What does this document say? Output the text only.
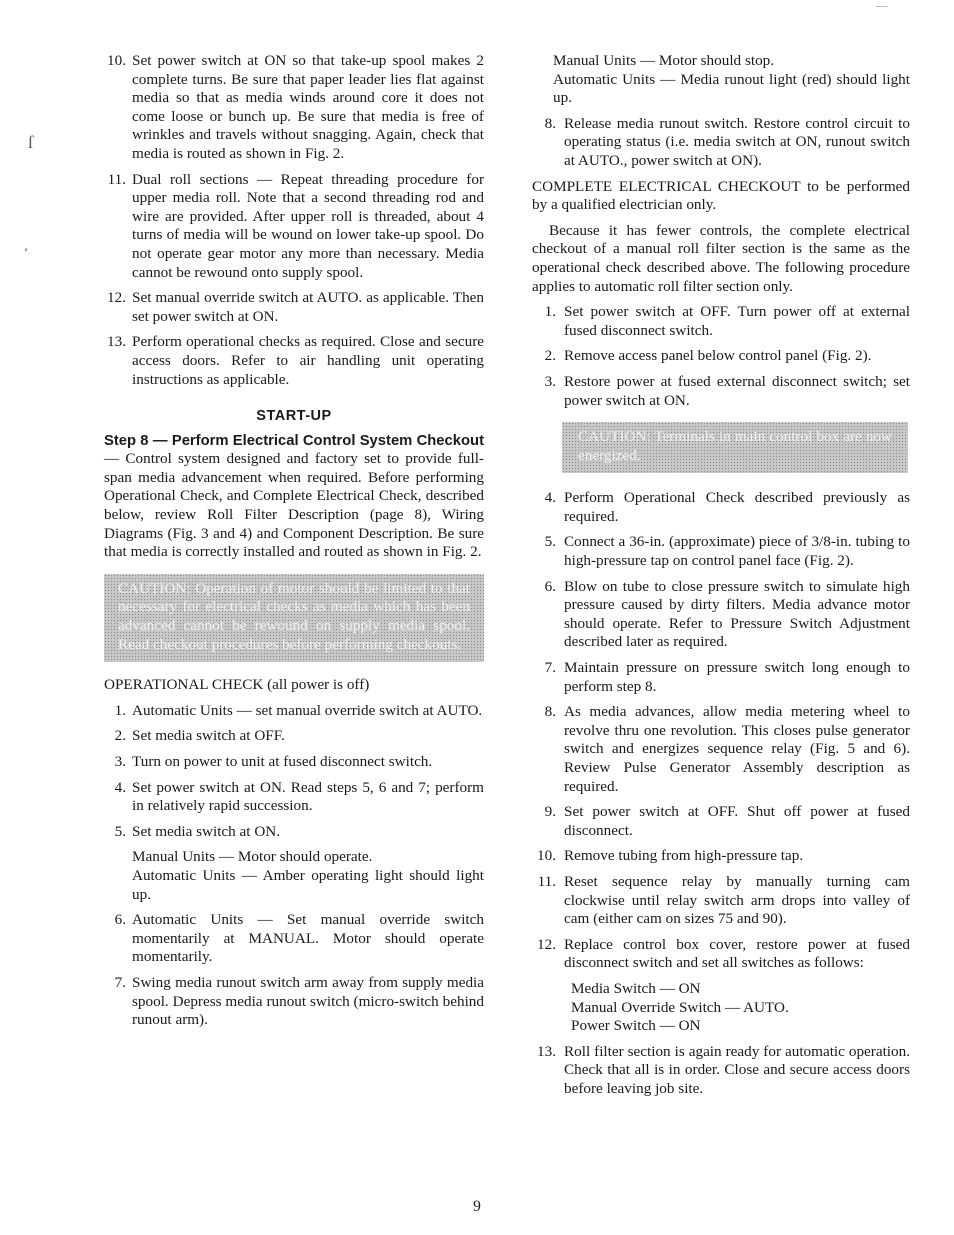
ſ
ʻ
10. Set power switch at ON so that take-up spool makes 2 complete turns. Be sure that paper leader lies flat against media so that as media winds around core it does not come loose or bunch up. Be sure that media is free of wrinkles and travels without snagging. Again, check that media is routed as shown in Fig. 2.
11. Dual roll sections — Repeat threading procedure for upper media roll. Note that a second threading rod and wire are provided. After upper roll is threaded, about 4 turns of media will be wound on lower take-up spool. Do not operate gear motor any more than necessary. Media cannot be rewound onto supply spool.
12. Set manual override switch at AUTO. as applicable. Then set power switch at ON.
13. Perform operational checks as required. Close and secure access doors. Refer to air handling unit operating instructions as applicable.
START-UP
Step 8 — Perform Electrical Control System Checkout — Control system designed and factory set to provide full-span media advancement when required. Before performing Operational Check, and Complete Electrical Check, described below, review Roll Filter Description (page 8), Wiring Diagrams (Fig. 3 and 4) and Component Description. Be sure that media is correctly installed and routed as shown in Fig. 2.
CAUTION: Operation of motor should be limited to that necessary for electrical checks as media which has been advanced cannot be rewound on supply media spool. Read checkout procedures before performing checkouts.
OPERATIONAL CHECK (all power is off)
1. Automatic Units — set manual override switch at AUTO.
2. Set media switch at OFF.
3. Turn on power to unit at fused disconnect switch.
4. Set power switch at ON. Read steps 5, 6 and 7; perform in relatively rapid succession.
5. Set media switch at ON.
Manual Units — Motor should operate.
Automatic Units — Amber operating light should light up.
6. Automatic Units — Set manual override switch momentarily at MANUAL. Motor should operate momentarily.
7. Swing media runout switch arm away from supply media spool. Depress media runout switch (micro-switch behind runout arm).
Manual Units — Motor should stop.
Automatic Units — Media runout light (red) should light up.
8. Release media runout switch. Restore control circuit to operating status (i.e. media switch at ON, runout switch at AUTO., power switch at ON).
COMPLETE ELECTRICAL CHECKOUT to be performed by a qualified electrician only.
Because it has fewer controls, the complete electrical checkout of a manual roll filter section is the same as the operational check described above. The following procedure applies to automatic roll filter section only.
1. Set power switch at OFF. Turn power off at external fused disconnect switch.
2. Remove access panel below control panel (Fig. 2).
3. Restore power at fused external disconnect switch; set power switch at ON.
CAUTION: Terminals in main control box are now energized.
4. Perform Operational Check described previously as required.
5. Connect a 36-in. (approximate) piece of 3/8-in. tubing to high-pressure tap on control panel face (Fig. 2).
6. Blow on tube to close pressure switch to simulate high pressure caused by dirty filters. Media advance motor should operate. Refer to Pressure Switch Adjustment described later as required.
7. Maintain pressure on pressure switch long enough to perform step 8.
8. As media advances, allow media metering wheel to revolve thru one revolution. This closes pulse generator switch and energizes sequence relay (Fig. 5 and 6). Review Pulse Generator Assembly description as required.
9. Set power switch at OFF. Shut off power at fused disconnect.
10. Remove tubing from high-pressure tap.
11. Reset sequence relay by manually turning cam clockwise until relay switch arm drops into valley of cam (either cam on sizes 75 and 90).
12. Replace control box cover, restore power at fused disconnect switch and set all switches as follows:
Media Switch — ON
Manual Override Switch — AUTO.
Power Switch — ON
13. Roll filter section is again ready for automatic operation. Check that all is in order. Close and secure access doors before leaving job site.
9
